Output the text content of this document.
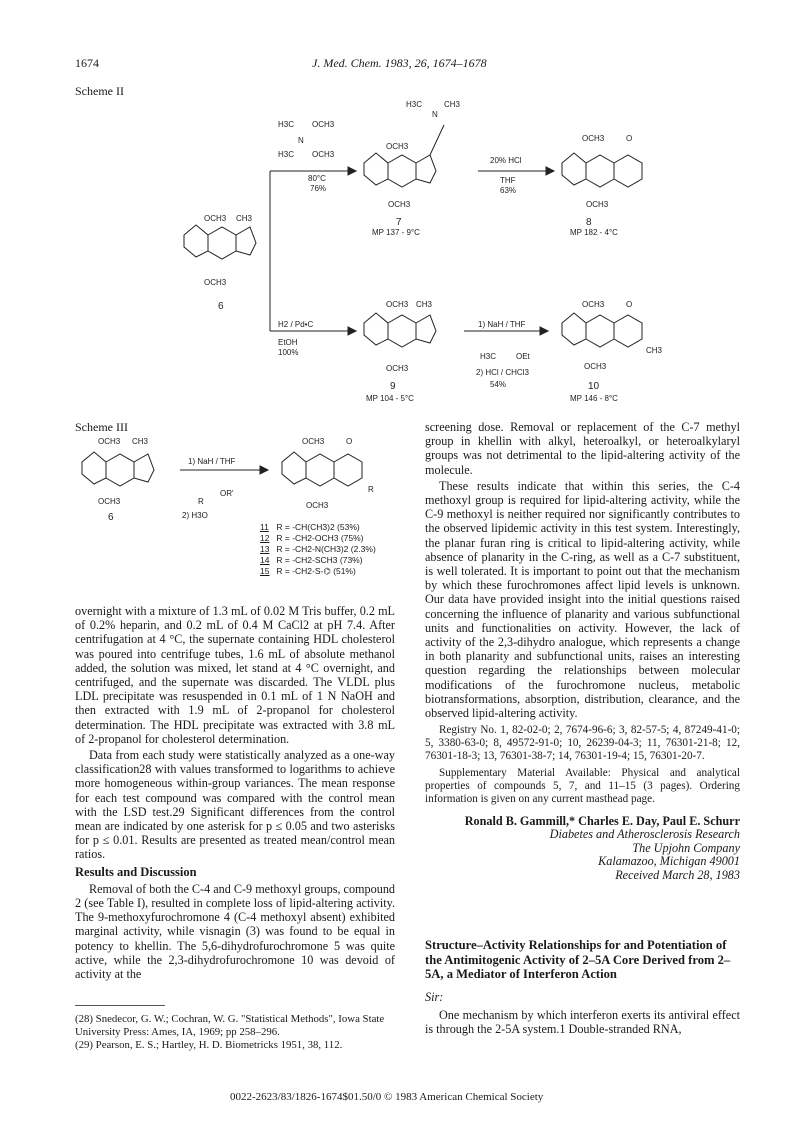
1674	J. Med. Chem. 1983, 26, 1674–1678
Scheme II
OCH3 CH3
OCH3
6
H3C OCH3
N
H3C OCH3
80°C
76%
H3C
N
CH3
OCH3
OCH3
7
MP 137 - 9°C
20% HCl
THF
63%
OCH3	O
OCH3
8
MP 182 - 4°C
H2 / Pd•C
EtOH
100%
OCH3 CH3
OCH3
9
MP 104 - 5°C
1) NaH / THF
H3C OEt
2) HCl / CHCl3
54%
OCH3	O
CH3
OCH3
10
MP 146 - 8°C
Scheme III
OCH3 CH3
OCH3
6
1) NaH / THF
R
OR'
2) H3O
OCH3	O
R
OCH3
11 R = -CH(CH3)2 (53%)
12 R = -CH2-OCH3 (75%)
13 R = -CH2-N(CH3)2 (2.3%)
14 R = -CH2-SCH3 (73%)
15 R = -CH2-S-⌬ (51%)

overnight with a mixture of 1.3 mL of 0.02 M Tris buffer, 0.2 mL of 0.2% heparin, and 0.2 mL of 0.4 M CaCl2 at pH 7.4. After centrifugation at 4 °C, the supernate containing HDL cholesterol was poured into centrifuge tubes, 1.6 mL of absolute methanol added, the solution was mixed, let stand at 4 °C overnight, and centrifuged, and the supernate was discarded. The VLDL plus LDL precipitate was resuspended in 0.1 mL of 1 N NaOH and then extracted with 1.9 mL of 2-propanol for cholesterol determination. The HDL precipitate was extracted with 3.8 mL of 2-propanol for cholesterol determination.

Data from each study were statistically analyzed as a one-way classification28 with values transformed to logarithms to achieve more homogeneous within-group variances. The mean response for each test compound was compared with the control mean with the LSD test.29 Significant differences from the control mean are indicated by one asterisk for p ≤ 0.05 and two asterisks for p ≤ 0.01. Results are presented as treated mean/control mean ratios.

Results and Discussion

Removal of both the C-4 and C-9 methoxyl groups, compound 2 (see Table I), resulted in complete loss of lipid-altering activity. The 9-methoxyfurochromone 4 (C-4 methoxyl absent) exhibited marginal activity, while visnagin (3) was found to be equal in potency to khellin. The 5,6-dihydrofurochromone 5 was quite active, while the 2,3-dihydrofurochromone 10 was devoid of activity at the

(28) Snedecor, G. W.; Cochran, W. G. "Statistical Methods", Iowa State University Press: Ames, IA, 1969; pp 258–296.
(29) Pearson, E. S.; Hartley, H. D. Biometricks 1951, 38, 112.

screening dose. Removal or replacement of the C-7 methyl group in khellin with alkyl, heteroalkyl, or heteroalkylaryl groups was not detrimental to the lipid-altering activity of the molecule.

These results indicate that within this series, the C-4 methoxyl group is required for lipid-altering activity, while the C-9 methoxyl is neither required nor significantly contributes to the observed lipidemic activity in this test system. Interestingly, the planar furan ring is critical to lipid-altering activity, while absence of planarity in the C-ring, as well as a C-7 substituent, is well tolerated. It is important to point out that the mechanism by which these furochromones affect lipid levels is unknown. Our data have provided insight into the initial questions raised concerning the influence of planarity and various subfunctional units and functionalities on activity. However, the lack of activity of the 2,3-dihydro analogue, which represents a change in both planarity and subfunctional units, raises an interesting question regarding the relationships between molecular modifications of the furochromone nucleus, metabolic biotransformations, absorption, distribution, clearance, and the observed lipid-altering activity.

Registry No. 1, 82-02-0; 2, 7674-96-6; 3, 82-57-5; 4, 87249-41-0; 5, 3380-63-0; 8, 49572-91-0; 10, 26239-04-3; 11, 76301-21-8; 12, 76301-18-3; 13, 76301-38-7; 14, 76301-19-4; 15, 76301-20-7.

Supplementary Material Available: Physical and analytical properties of compounds 5, 7, and 11–15 (3 pages). Ordering information is given on any current masthead page.

Ronald B. Gammill,* Charles E. Day, Paul E. Schurr
Diabetes and Atherosclerosis Research
The Upjohn Company
Kalamazoo, Michigan 49001
Received March 28, 1983
Structure–Activity Relationships for and Potentiation of the Antimitogenic Activity of 2–5A Core Derived from 2–5A, a Mediator of Interferon Action
Sir:

One mechanism by which interferon exerts its antiviral effect is through the 2-5A system.1 Double-stranded RNA,

0022-2623/83/1826-1674$01.50/0 © 1983 American Chemical Society
